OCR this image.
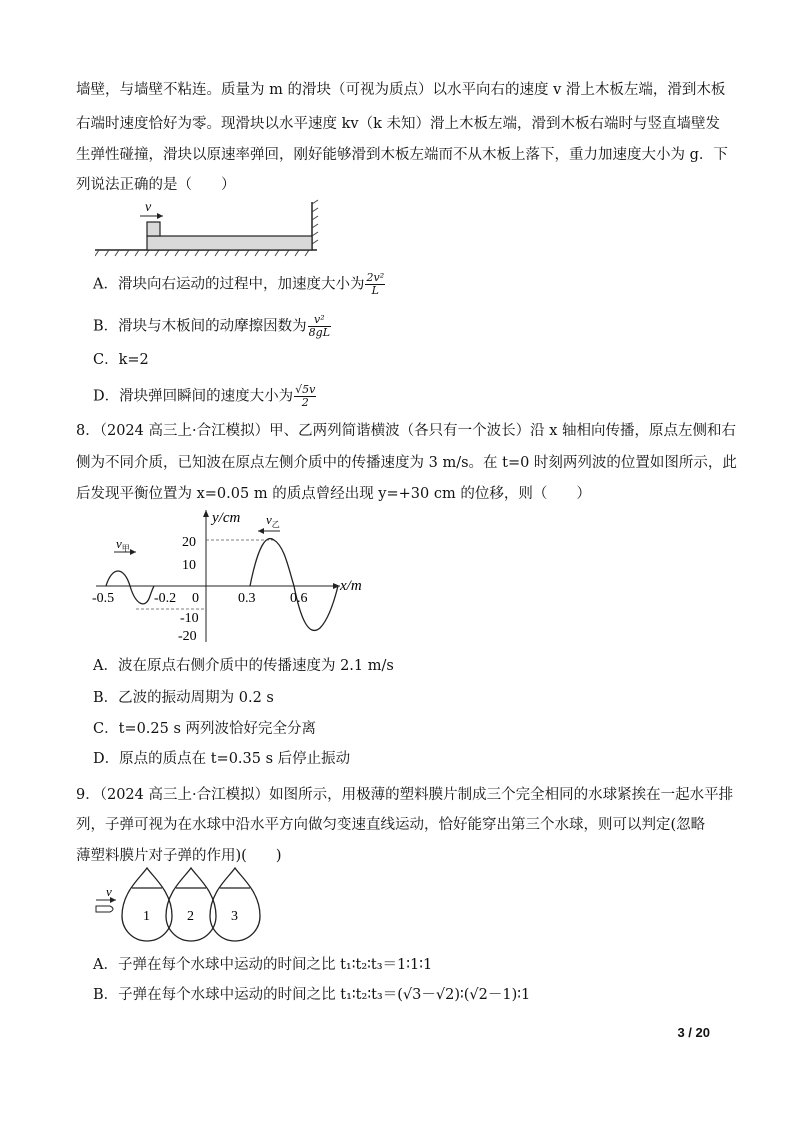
墙壁，与墙壁不粘连。质量为 m 的滑块（可视为质点）以水平向右的速度 v 滑上木板左端，滑到木板
右端时速度恰好为零。现滑块以水平速度 kv（k 未知）滑上木板左端，滑到木板右端时与竖直墙壁发
生弹性碰撞，滑块以原速率弹回，刚好能够滑到木板左端而不从木板上落下，重力加速度大小为 g．下
列说法正确的是（　　）
v
A．滑块向右运动的过程中，加速度大小为 $\frac{\text{2v²}}{L}$
B．滑块与木板间的动摩擦因数为 $\frac{\text{v²}}{8gL}$
C．k=2
D．滑块弹回瞬间的速度大小为 $\frac{√5v}{2}$
8．（2024 高三上·合江模拟）甲、乙两列简谐横波（各只有一个波长）沿 x 轴相向传播，原点左侧和右
侧为不同介质，已知波在原点左侧介质中的传播速度为 3 m/s。在 t=0 时刻两列波的位置如图所示，此
后发现平衡位置为 x=0.05 m 的质点曾经出现 y=+30 cm 的位移，则（　　）
y/cm
x/m
-0.5	-0.2 0	0.3 0.6
20
10
-10
-20
$v_甲$
$v_乙$
A．波在原点右侧介质中的传播速度为 2.1 m/s
B．乙波的振动周期为 0.2 s
C．t=0.25 s 两列波恰好完全分离
D．原点的质点在 t=0.35 s 后停止振动
9．（2024 高三上·合江模拟）如图所示，用极薄的塑料膜片制成三个完全相同的水球紧挨在一起水平排
列，子弹可视为在水球中沿水平方向做匀变速直线运动，恰好能穿出第三个水球，则可以判定(忽略
薄塑料膜片对子弹的作用)(　　)
v
1	2	3
A．子弹在每个水球中运动的时间之比 t₁∶t₂∶t₃＝1∶1∶1
B．子弹在每个水球中运动的时间之比 t₁∶t₂∶t₃＝(√3－√2)∶(√2－1)∶1
3 / 20
